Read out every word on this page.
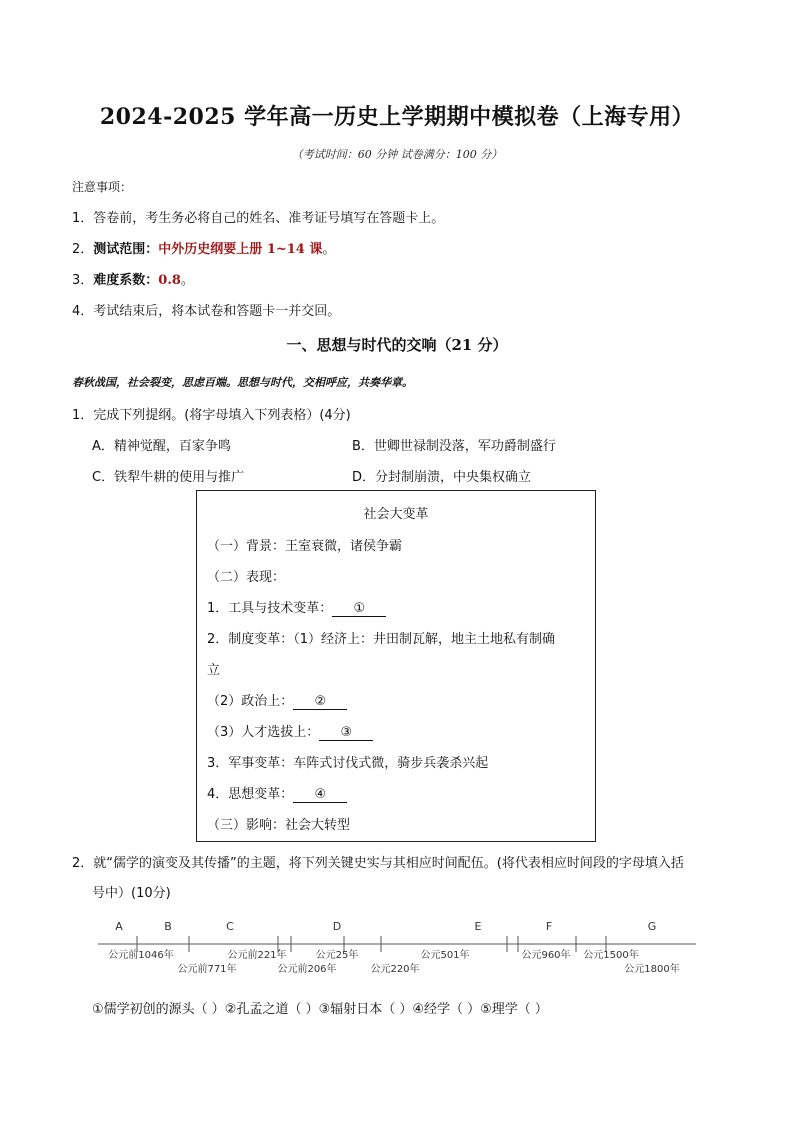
2024-2025 学年高一历史上学期期中模拟卷（上海专用）
（考试时间：60 分钟 试卷满分：100 分）
注意事项：
1．答卷前，考生务必将自己的姓名、准考证号填写在答题卡上。
2．测试范围：中外历史纲要上册 1~14 课。
3．难度系数：0.8。
4．考试结束后，将本试卷和答题卡一并交回。
一、思想与时代的交响（21 分）
春秋战国，社会裂变，思虑百端。思想与时代，交相呼应，共奏华章。
1．完成下列提纲。(将字母填入下列表格）(4分)
A．精神觉醒，百家争鸣	B．世卿世禄制没落，军功爵制盛行
C．铁犁牛耕的使用与推广	D．分封制崩溃，中央集权确立
社会大变革
（一）背景：王室衰微，诸侯争霸
（二）表现：
1．工具与技术变革： ①
2．制度变革：（1）经济上：井田制瓦解，地主土地私有制确
立
（2）政治上： ②
（3）人才选拔上： ③
3．军事变革：车阵式讨伐式微，骑步兵袭杀兴起
4．思想变革： ④
（三）影响：社会大转型
2．就“儒学的演变及其传播”的主题，将下列关键史实与其相应时间配伍。(将代表相应时间段的字母填入括
号中）(10分)
A	B	C	D	E	F	G
公元前1046年	公元前221年	公元25年	公元501年	公元960年 公元1500年
公元前771年	公元前206年	公元220年	公元1800年
①儒学初创的源头（ ）②孔孟之道（ ）③辐射日本（ ）④经学（ ）⑤理学（ ）
